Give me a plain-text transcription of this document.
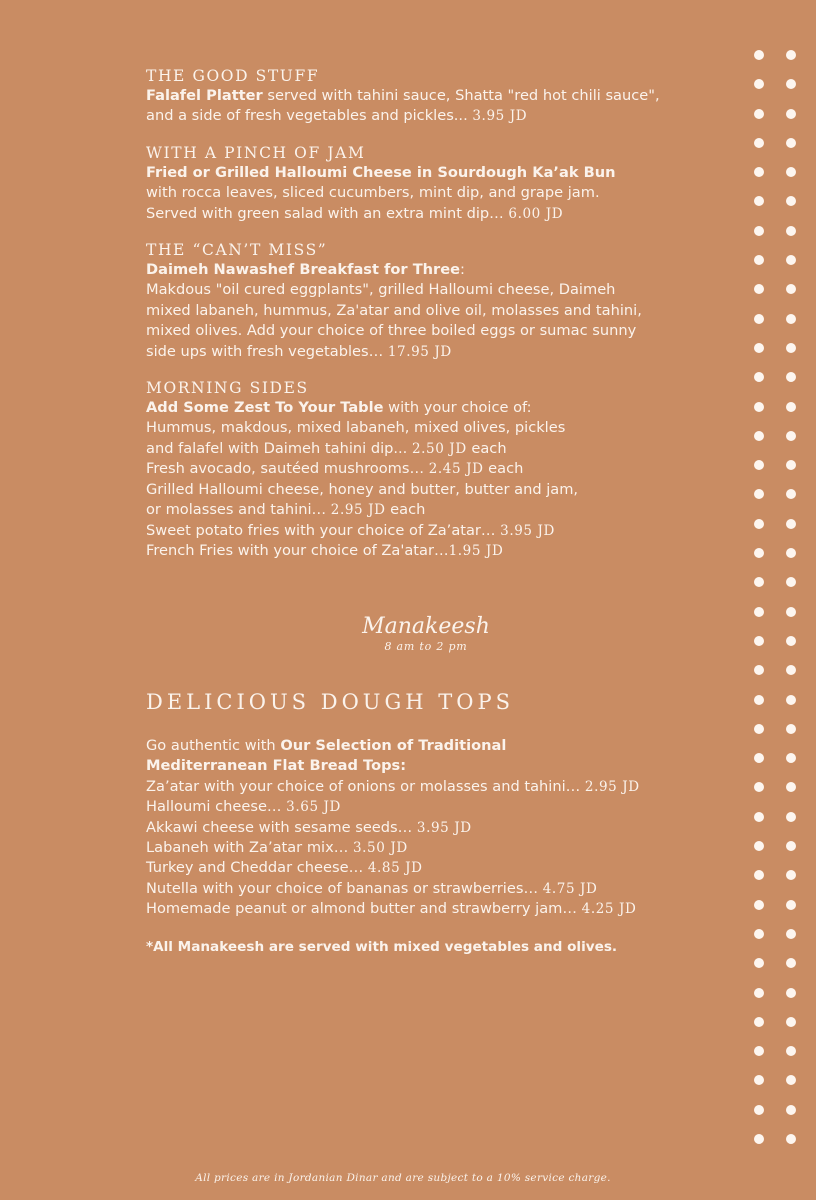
THE GOOD STUFF
Falafel Platter served with tahini sauce, Shatta "red hot chili sauce",
and a side of fresh vegetables and pickles... 3.95 JD
WITH A PINCH OF JAM
Fried or Grilled Halloumi Cheese in Sourdough Ka’ak Bun
with rocca leaves, sliced cucumbers, mint dip, and grape jam.
Served with green salad with an extra mint dip… 6.00 JD
THE “CAN’T MISS”
Daimeh Nawashef Breakfast for Three:
Makdous "oil cured eggplants", grilled Halloumi cheese, Daimeh
mixed labaneh, hummus, Za'atar and olive oil, molasses and tahini,
mixed olives. Add your choice of three boiled eggs or sumac sunny
side ups with fresh vegetables… 17.95 JD
MORNING SIDES
Add Some Zest To Your Table with your choice of:
Hummus, makdous, mixed labaneh, mixed olives, pickles
and falafel with Daimeh tahini dip... 2.50 JD each
Fresh avocado, sautéed mushrooms… 2.45 JD each
Grilled Halloumi cheese, honey and butter, butter and jam,
or molasses and tahini… 2.95 JD each
Sweet potato fries with your choice of Za’atar… 3.95 JD
French Fries with your choice of Za'atar…1.95 JD
Manakeesh
8 am to 2 pm
DELICIOUS DOUGH TOPS
Go authentic with Our Selection of Traditional
Mediterranean Flat Bread Tops:
Za’atar with your choice of onions or molasses and tahini… 2.95 JD
Halloumi cheese… 3.65 JD
Akkawi cheese with sesame seeds… 3.95 JD
Labaneh with Za’atar mix… 3.50 JD
Turkey and Cheddar cheese… 4.85 JD
Nutella with your choice of bananas or strawberries… 4.75 JD
Homemade peanut or almond butter and strawberry jam… 4.25 JD
*All Manakeesh are served with mixed vegetables and olives.
All prices are in Jordanian Dinar and are subject to a 10% service charge.
